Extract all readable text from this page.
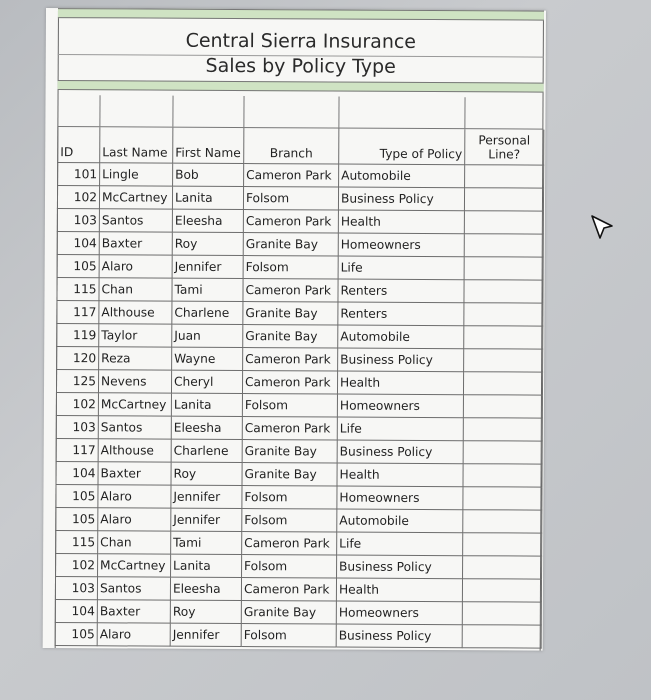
Central Sierra Insurance
Sales by Policy Type
ID	Last Name	First Name	Branch	Type of Policy	Personal
Line?

101	Lingle	Bob	Cameron Park	Automobile	
102	McCartney	Lanita	Folsom	Business Policy	
103	Santos	Eleesha	Cameron Park	Health	
104	Baxter	Roy	Granite Bay	Homeowners	
105	Alaro	Jennifer	Folsom	Life	
115	Chan	Tami	Cameron Park	Renters	
117	Althouse	Charlene	Granite Bay	Renters	
119	Taylor	Juan	Granite Bay	Automobile	
120	Reza	Wayne	Cameron Park	Business Policy	
125	Nevens	Cheryl	Cameron Park	Health	
102	McCartney	Lanita	Folsom	Homeowners	
103	Santos	Eleesha	Cameron Park	Life	
117	Althouse	Charlene	Granite Bay	Business Policy	
104	Baxter	Roy	Granite Bay	Health	
105	Alaro	Jennifer	Folsom	Homeowners	
105	Alaro	Jennifer	Folsom	Automobile	
115	Chan	Tami	Cameron Park	Life	
102	McCartney	Lanita	Folsom	Business Policy	
103	Santos	Eleesha	Cameron Park	Health	
104	Baxter	Roy	Granite Bay	Homeowners	
105	Alaro	Jennifer	Folsom	Business Policy	
